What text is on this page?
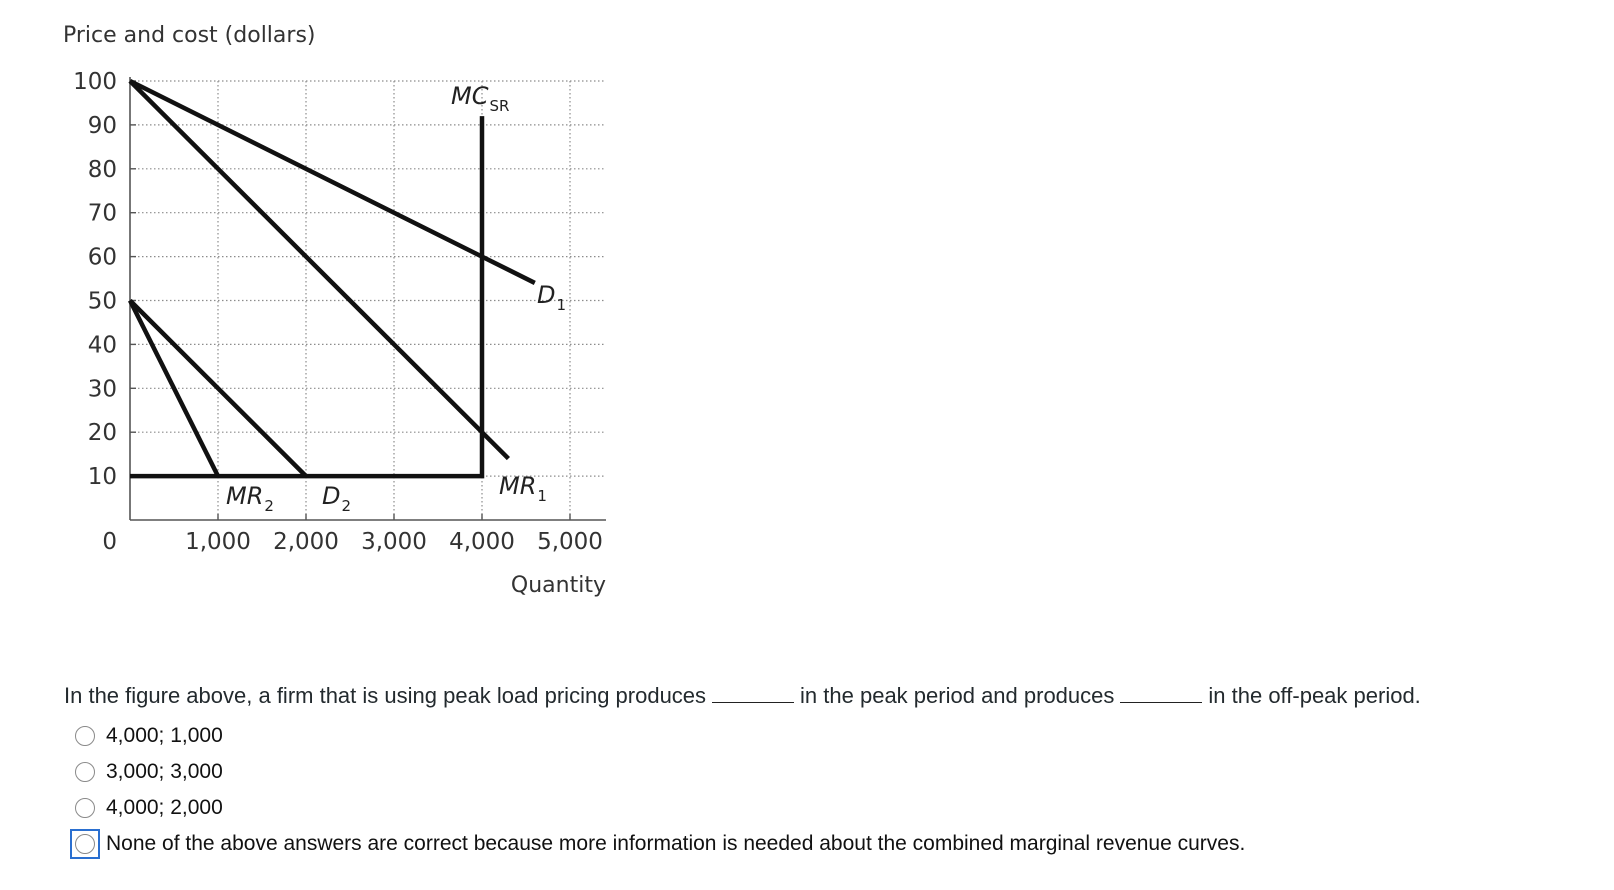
10
20
30
40
50
60
70
80
90
100
1,000 2,000 3,000 4,000 5,000
0
Price and cost (dollars)
Quantity
$MC_{SR}$
$D_1$
$MR_1$
$MR_2$ $D_2$
In the figure above, a firm that is using peak load pricing produces	in the peak period and produces	in the off-peak period.
4,000; 1,000
3,000; 3,000
4,000; 2,000
None of the above answers are correct because more information is needed about the combined marginal revenue curves.
